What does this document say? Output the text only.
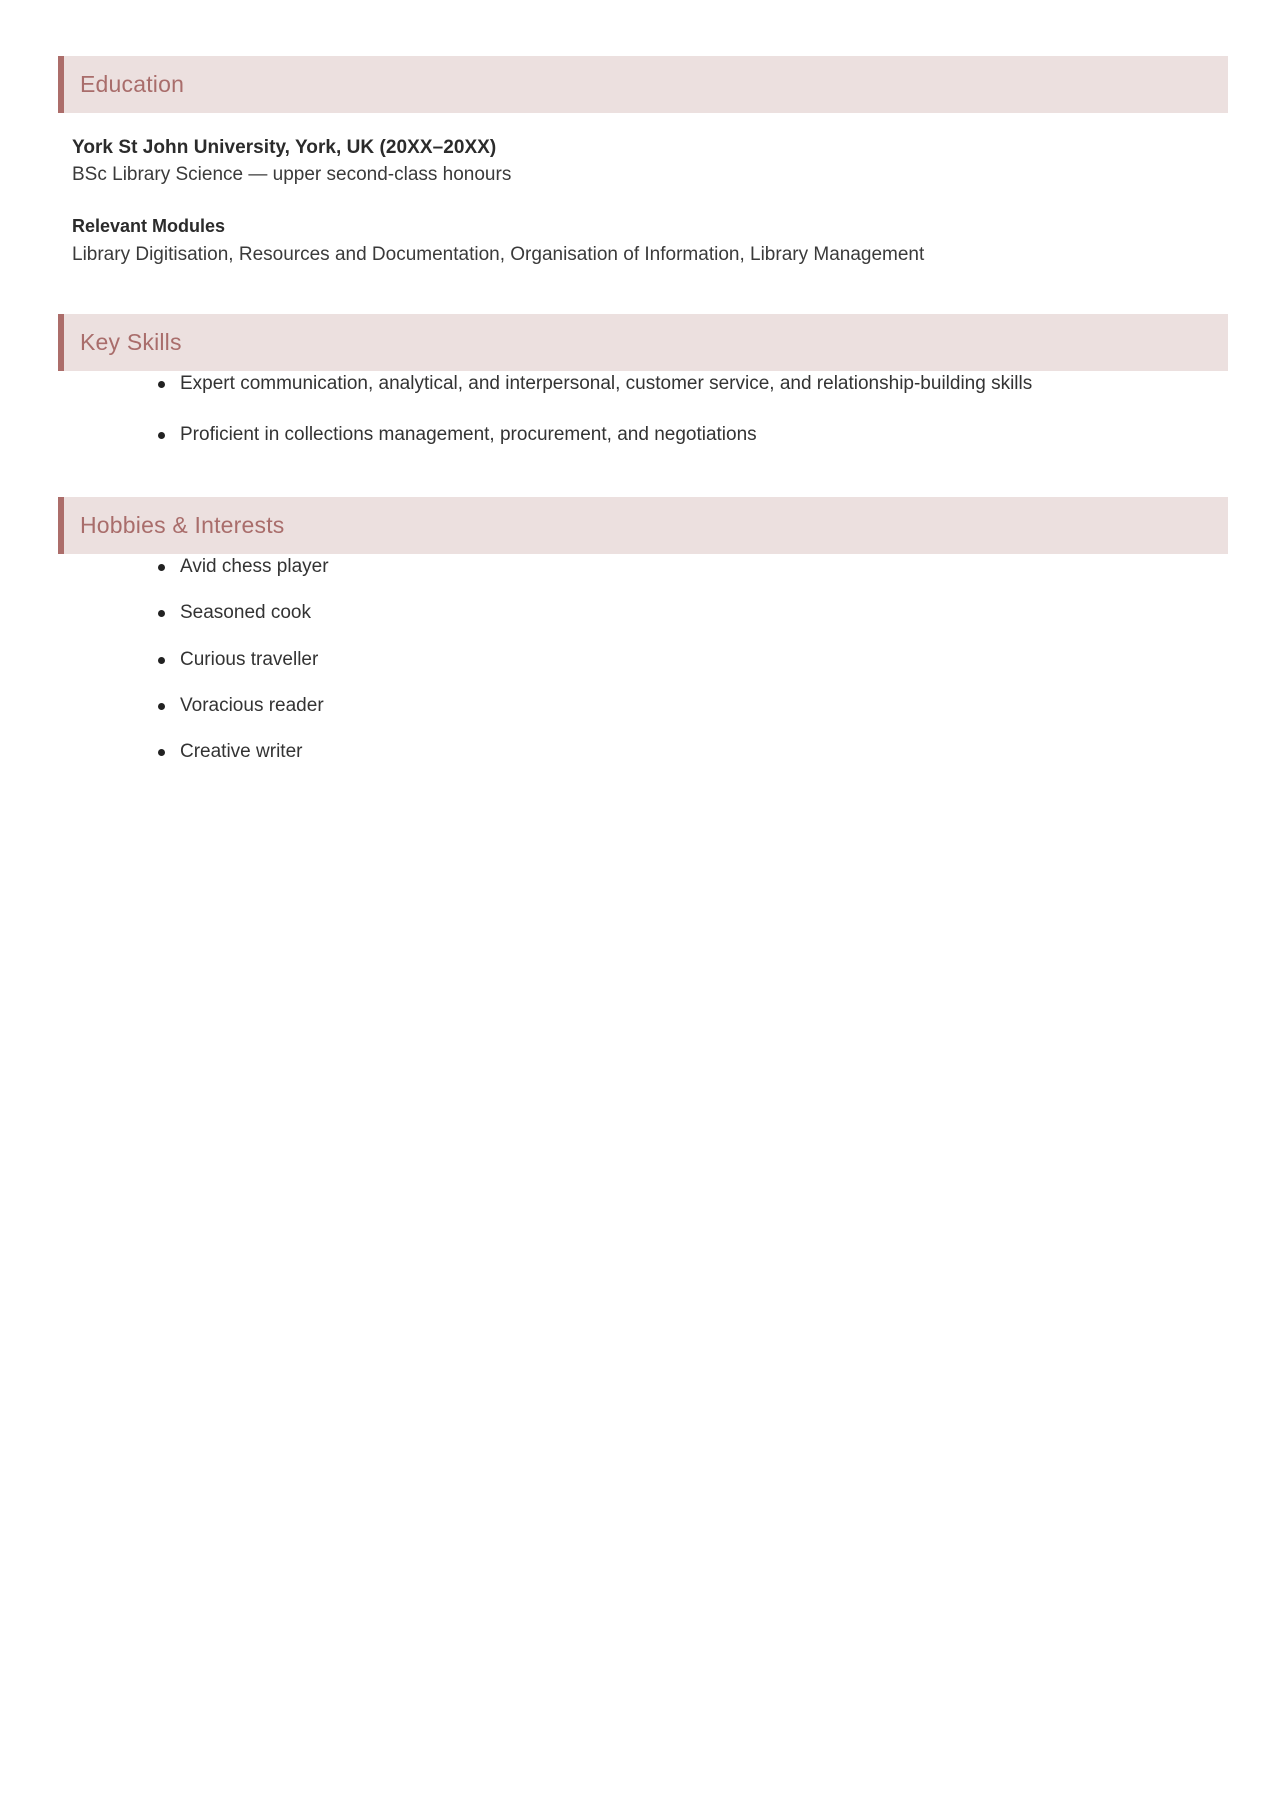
Education
York St John University, York, UK (20XX–20XX)
BSc Library Science — upper second-class honours
Relevant Modules
Library Digitisation, Resources and Documentation, Organisation of Information, Library Management
Key Skills
Expert communication, analytical, and interpersonal, customer service, and relationship-building skills
Proficient in collections management, procurement, and negotiations
Hobbies & Interests
Avid chess player
Seasoned cook
Curious traveller
Voracious reader
Creative writer
